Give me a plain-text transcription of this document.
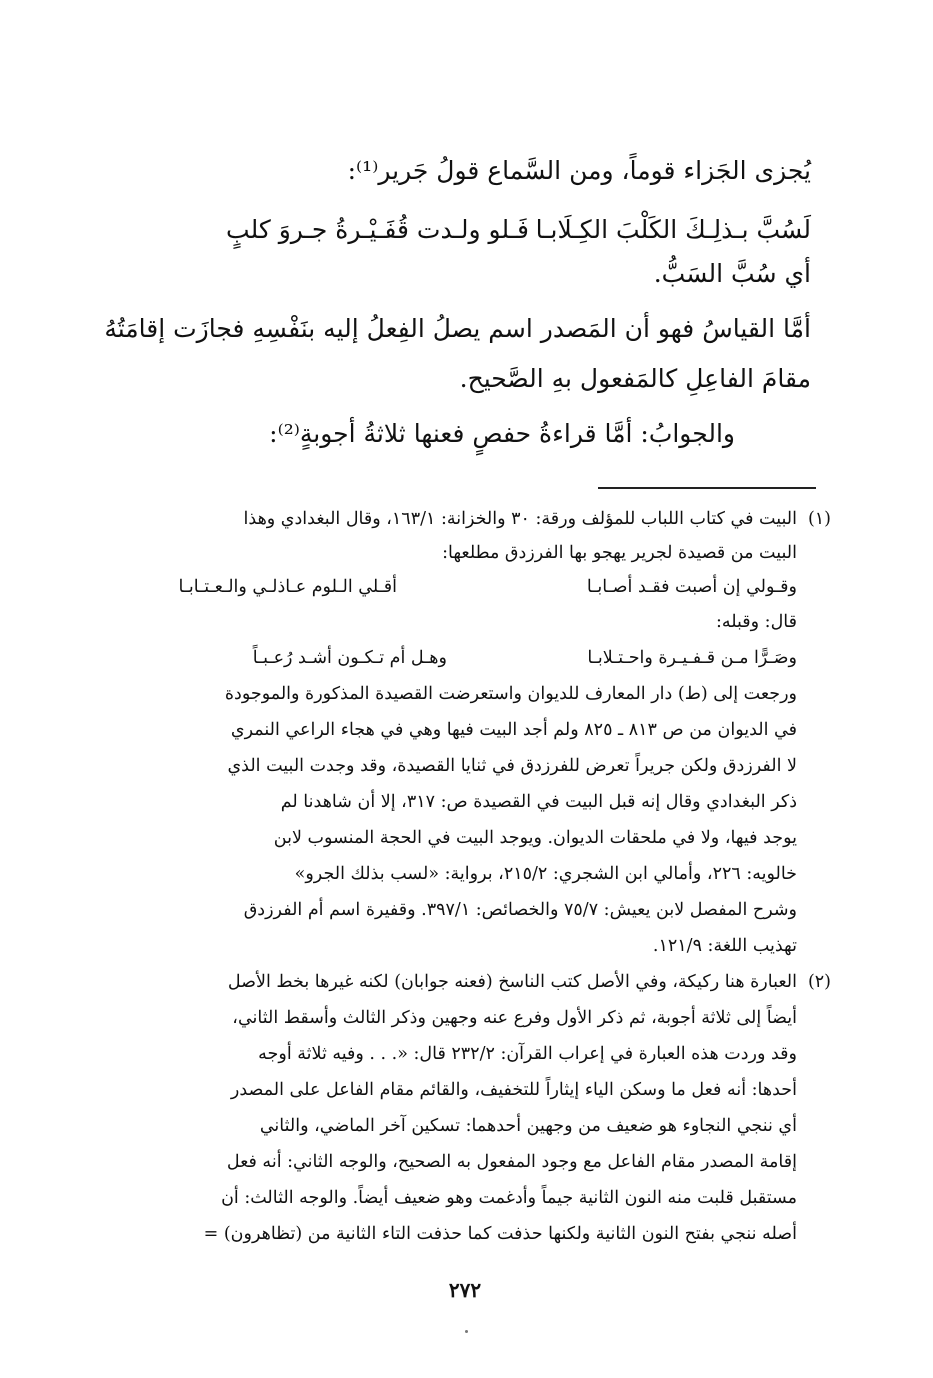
يُجزى الجَزاء قوماً، ومن السَّماع قولُ جَرير⁽¹⁾:
فَـلو ولـدت قُفَـيْـرةُ جـروَ كلبٍ لَسُبَّ بـذلِـكَ الكَلْبَ الكِـلَابـا
أي سُبَّ السَبُّ.
أمَّا القياسُ فهو أن المَصدر اسم يصلُ الفِعلُ إليه بنَفْسِهِ فجازَت إقامَتُهُ
مقامَ الفاعِلِ كالمَفعول بهِ الصَّحيح.
والجوابُ: أمَّا قراءةُ حفصٍ فعنها ثلاثةُ أجوبةٍ⁽²⁾:
(١)
البيت في كتاب اللباب للمؤلف ورقة: ٣٠ والخزانة: ١٦٣/١، وقال البغدادي وهذا
البيت من قصيدة لجرير يهجو بها الفرزدق مطلعها:
أقـلي الـلوم عـاذلـي والـعـتـابـا	وقـولي إن أصبت فقـد أصـابـا
قال: وقبله:
وهـل أم تـكـون أشـد رُعـبـاً	وصَـرًّا مـن قـفـيـرة واحـتـلابـا
ورجعت إلى (ط) دار المعارف للديوان واستعرضت القصيدة المذكورة والموجودة
في الديوان من ص ٨١٣ ـ ٨٢٥ ولم أجد البيت فيها وهي في هجاء الراعي النمري
لا الفرزدق ولكن جريراً تعرض للفرزدق في ثنايا القصيدة، وقد وجدت البيت الذي
ذكر البغدادي وقال إنه قبل البيت في القصيدة ص: ٣١٧، إلا أن شاهدنا لم
يوجد فيها، ولا في ملحقات الديوان. ويوجد البيت في الحجة المنسوب لابن
خالويه: ٢٢٦، وأمالي ابن الشجري: ٢١٥/٢، برواية: «لسب بذلك الجرو»
وشرح المفصل لابن يعيش: ٧٥/٧ والخصائص: ٣٩٧/١. وقفيرة اسم أم الفرزدق
تهذيب اللغة: ١٢١/٩.
(٢)
العبارة هنا ركيكة، وفي الأصل كتب الناسخ (فعنه جوابان) لكنه غيرها بخط الأصل
أيضاً إلى ثلاثة أجوبة، ثم ذكر الأول وفرع عنه وجهين وذكر الثالث وأسقط الثاني،
وقد وردت هذه العبارة في إعراب القرآن: ٢٣٢/٢ قال: «. . . وفيه ثلاثة أوجه
أحدها: أنه فعل ما وسكن الياء إيثاراً للتخفيف، والقائم مقام الفاعل على المصدر
أي ننجي النجاوء هو ضعيف من وجهين أحدهما: تسكين آخر الماضي، والثاني
إقامة المصدر مقام الفاعل مع وجود المفعول به الصحيح، والوجه الثاني: أنه فعل
مستقبل قلبت منه النون الثانية جيماً وأدغمت وهو ضعيف أيضاً. والوجه الثالث: أن
أصله ننجي بفتح النون الثانية ولكنها حذفت كما حذفت التاء الثانية من (تظاهرون) =
٢٧٢
